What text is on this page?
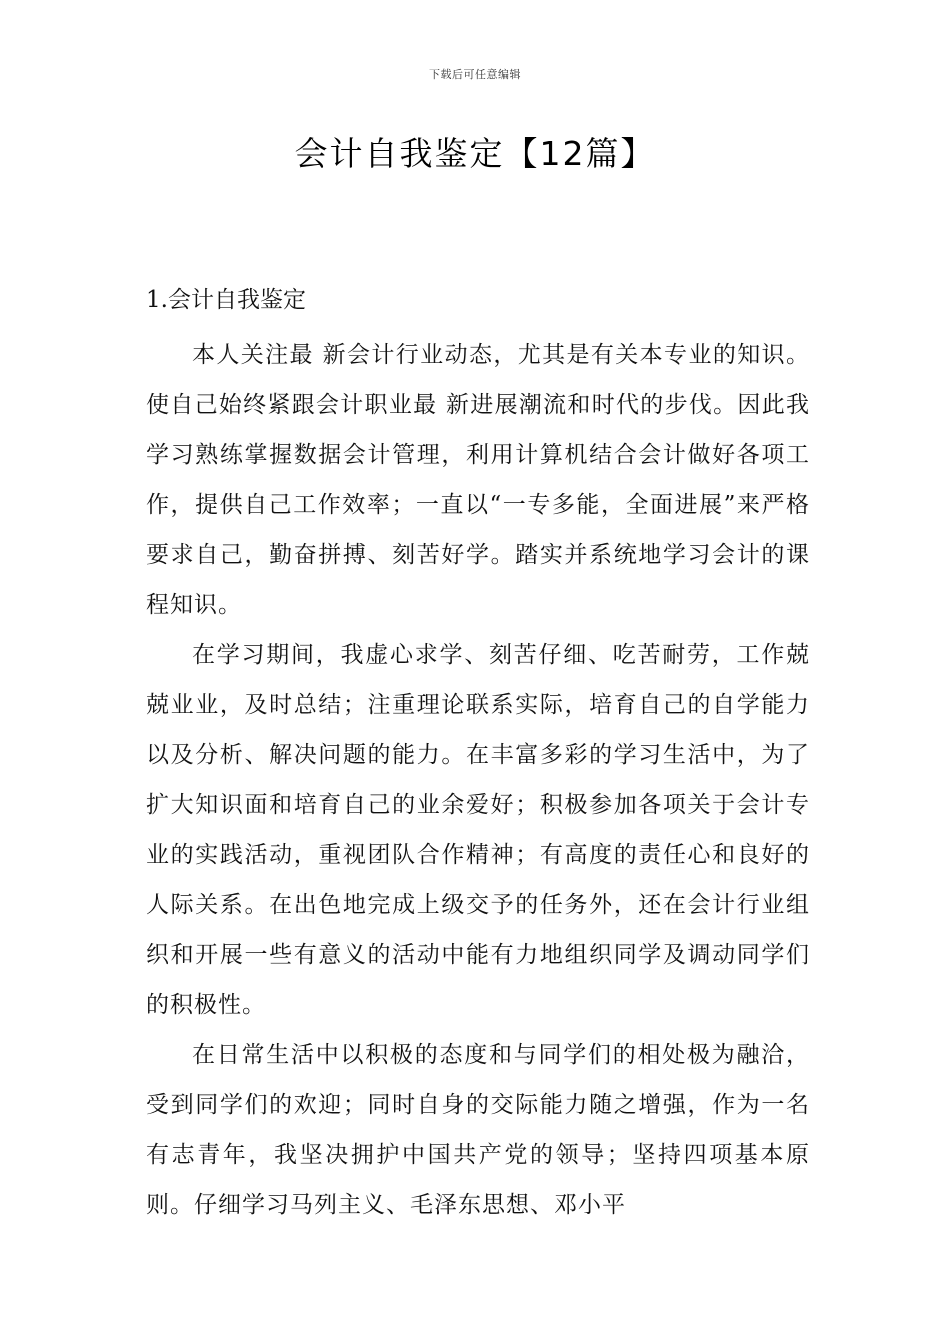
下载后可任意编辑
会计自我鉴定【12篇】
1.会计自我鉴定

本人关注最 新会计行业动态，尤其是有关本专业的知识。使自己始终紧跟会计职业最 新进展潮流和时代的步伐。因此我学习熟练掌握数据会计管理，利用计算机结合会计做好各项工作，提供自己工作效率；一直以“一专多能，全面进展”来严格要求自己，勤奋拼搏、刻苦好学。踏实并系统地学习会计的课程知识。

在学习期间，我虚心求学、刻苦仔细、吃苦耐劳，工作兢兢业业，及时总结；注重理论联系实际，培育自己的自学能力以及分析、解决问题的能力。在丰富多彩的学习生活中，为了扩大知识面和培育自己的业余爱好；积极参加各项关于会计专业的实践活动，重视团队合作精神；有高度的责任心和良好的人际关系。在出色地完成上级交予的任务外，还在会计行业组织和开展一些有意义的活动中能有力地组织同学及调动同学们的积极性。

在日常生活中以积极的态度和与同学们的相处极为融洽，受到同学们的欢迎；同时自身的交际能力随之增强，作为一名有志青年，我坚决拥护中国共产党的领导；坚持四项基本原则。仔细学习马列主义、毛泽东思想、邓小平
